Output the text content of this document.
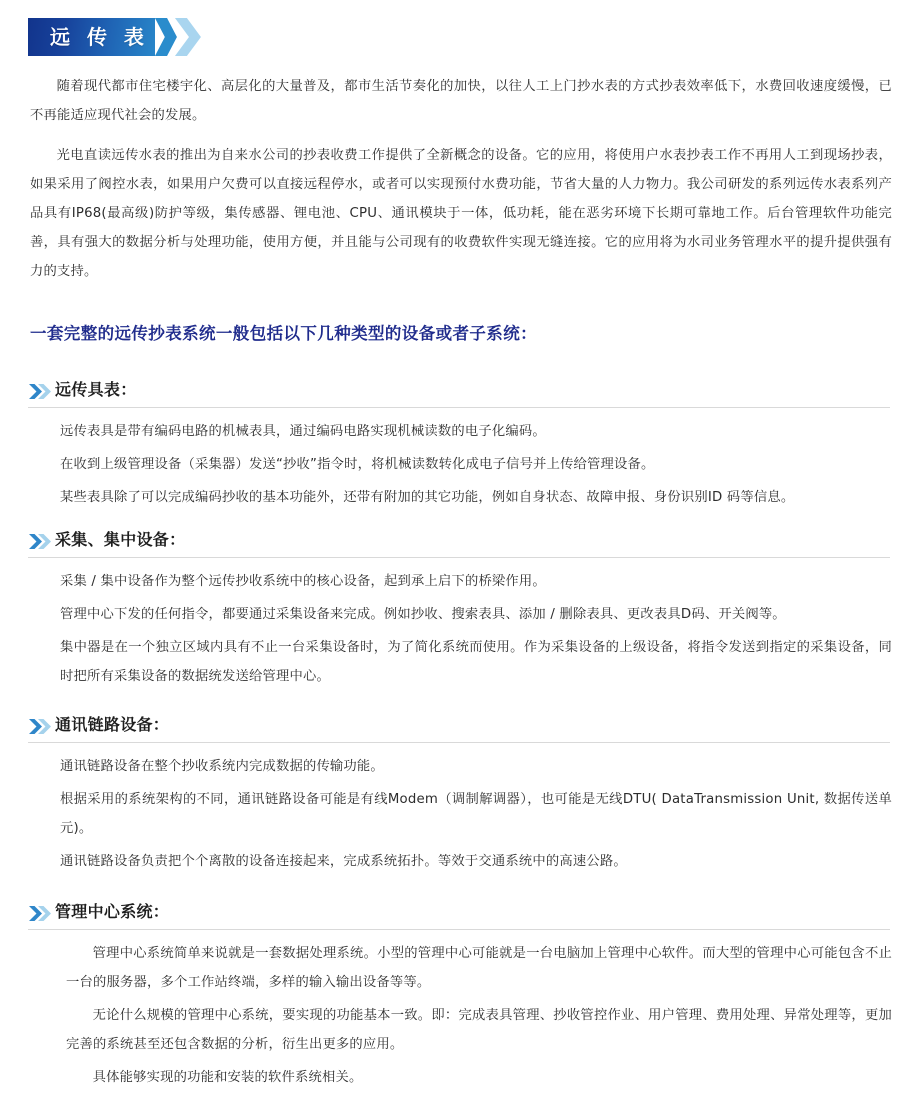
远 传 表

随着现代都市住宅楼宇化、高层化的大量普及，都市生活节奏化的加快，以往人工上门抄水表的方式抄表效率低下，水费回收速度缓慢，已不再能适应现代社会的发展。

光电直读远传水表的推出为自来水公司的抄表收费工作提供了全新概念的设备。它的应用，将使用户水表抄表工作不再用人工到现场抄表，如果采用了阀控水表，如果用户欠费可以直接远程停水，或者可以实现预付水费功能，节省大量的人力物力。我公司研发的系列远传水表系列产品具有IP68(最高级)防护等级，集传感器、锂电池、CPU、通讯模块于一体，低功耗，能在恶劣环境下长期可靠地工作。后台管理软件功能完善，具有强大的数据分析与处理功能，使用方便，并且能与公司现有的收费软件实现无缝连接。它的应用将为水司业务管理水平的提升提供强有力的支持。

一套完整的远传抄表系统一般包括以下几种类型的设备或者子系统：
远传具表：

远传表具是带有编码电路的机械表具，通过编码电路实现机械读数的电子化编码。

在收到上级管理设备（采集器）发送“抄收”指令时，将机械读数转化成电子信号并上传给管理设备。

某些表具除了可以完成编码抄收的基本功能外，还带有附加的其它功能，例如自身状态、故障申报、身份识别ID 码等信息。

采集、集中设备：

采集 / 集中设备作为整个远传抄收系统中的核心设备，起到承上启下的桥梁作用。

管理中心下发的任何指令，都要通过采集设备来完成。例如抄收、搜索表具、添加 / 删除表具、更改表具D码、开关阀等。

集中器是在一个独立区域内具有不止一台采集设备时，为了简化系统而使用。作为采集设备的上级设备，将指令发送到指定的采集设备，同时把所有采集设备的数据统发送给管理中心。

通讯链路设备：

通讯链路设备在整个抄收系统内完成数据的传输功能。

根据采用的系统架构的不同，通讯链路设备可能是有线Modem（调制解调器），也可能是无线DTU( DataTransmission Unit, 数据传送单元)。

通讯链路设备负责把个个离散的设备连接起来，完成系统拓扑。等效于交通系统中的高速公路。

管理中心系统：

管理中心系统简单来说就是一套数据处理系统。小型的管理中心可能就是一台电脑加上管理中心软件。而大型的管理中心可能包含不止一台的服务器，多个工作站终端，多样的输入输出设备等等。

无论什么规模的管理中心系统，要实现的功能基本一致。即：完成表具管理、抄收管控作业、用户管理、费用处理、异常处理等，更加完善的系统甚至还包含数据的分析，衍生出更多的应用。

具体能够实现的功能和安装的软件系统相关。
